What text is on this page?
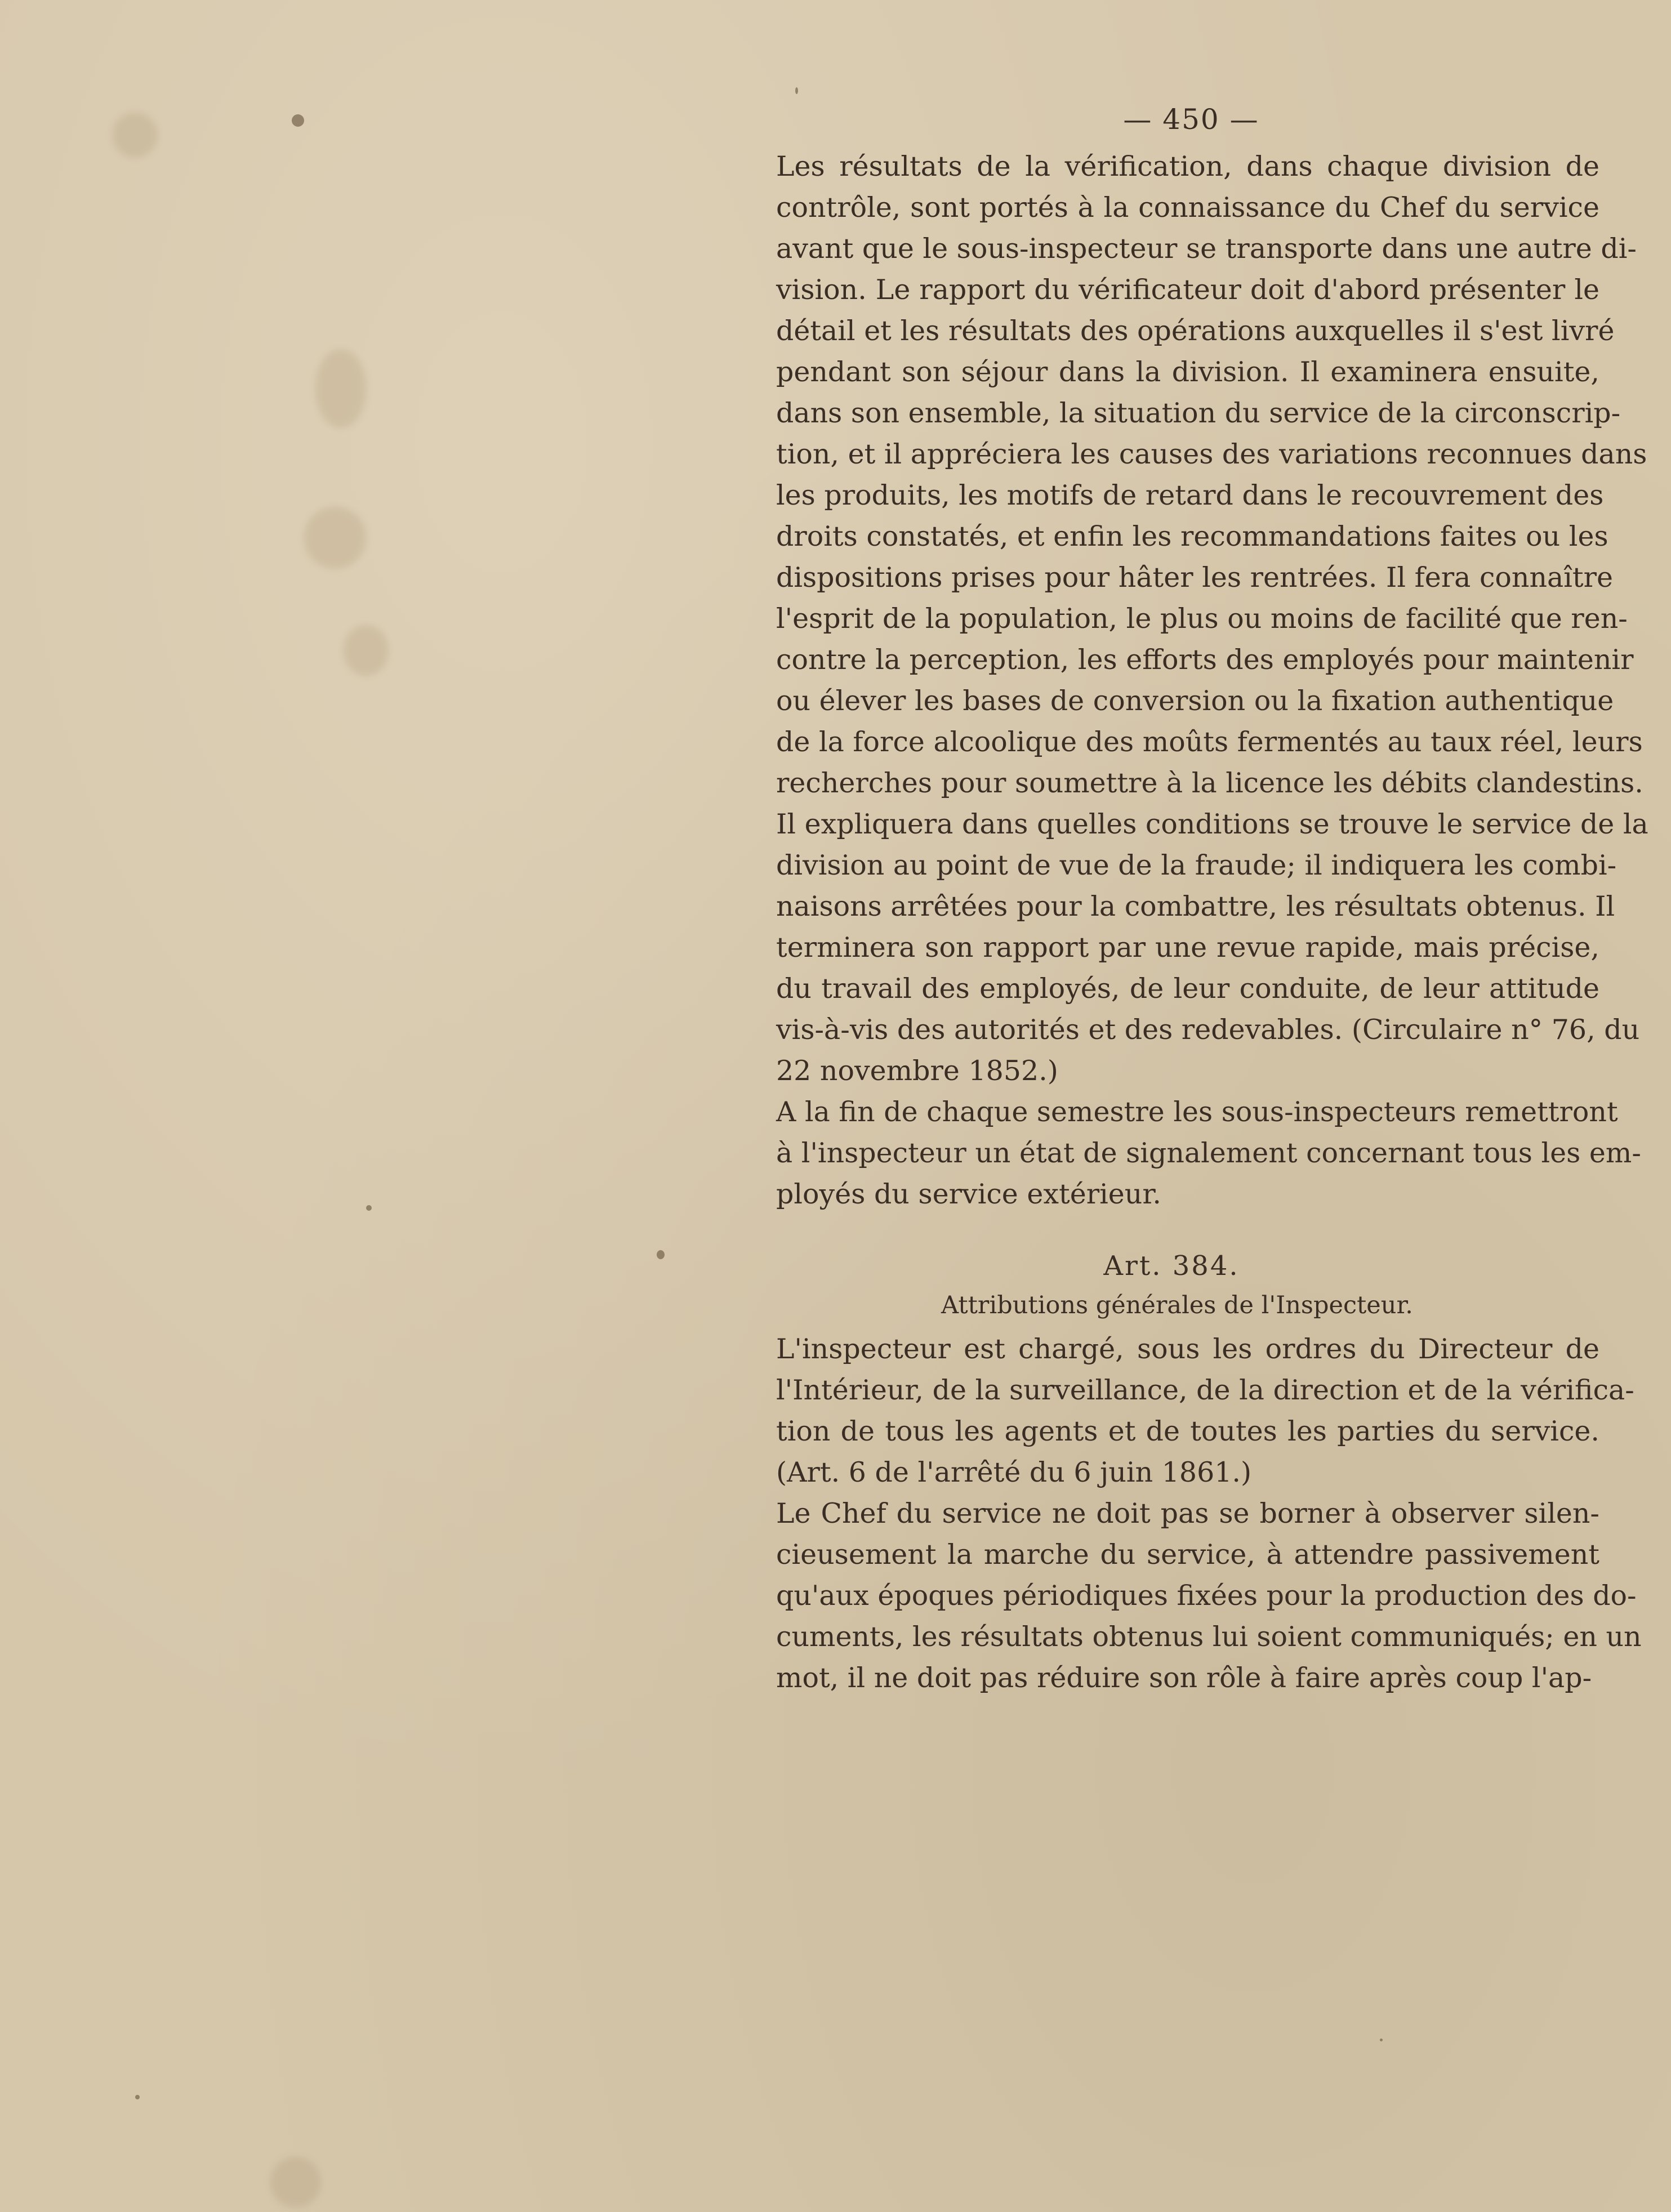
— 450 —
Les résultats de la vérification, dans chaque division de
contrôle, sont portés à la connaissance du Chef du service
avant que le sous-inspecteur se transporte dans une autre di-
vision. Le rapport du vérificateur doit d'abord présenter le
détail et les résultats des opérations auxquelles il s'est livré
pendant son séjour dans la division. Il examinera ensuite,
dans son ensemble, la situation du service de la circonscrip-
tion, et il appréciera les causes des variations reconnues dans
les produits, les motifs de retard dans le recouvrement des
droits constatés, et enfin les recommandations faites ou les
dispositions prises pour hâter les rentrées. Il fera connaître
l'esprit de la population, le plus ou moins de facilité que ren-
contre la perception, les efforts des employés pour maintenir
ou élever les bases de conversion ou la fixation authentique
de la force alcoolique des moûts fermentés au taux réel, leurs
recherches pour soumettre à la licence les débits clandestins.
Il expliquera dans quelles conditions se trouve le service de la
division au point de vue de la fraude; il indiquera les combi-
naisons arrêtées pour la combattre, les résultats obtenus. Il
terminera son rapport par une revue rapide, mais précise,
du travail des employés, de leur conduite, de leur attitude
vis-à-vis des autorités et des redevables. (Circulaire n° 76, du
22 novembre 1852.)
A la fin de chaque semestre les sous-inspecteurs remettront
à l'inspecteur un état de signalement concernant tous les em-
ployés du service extérieur.
Art. 384.
Attributions générales de l'Inspecteur.
L'inspecteur est chargé, sous les ordres du Directeur de
l'Intérieur, de la surveillance, de la direction et de la vérifica-
tion de tous les agents et de toutes les parties du service.
(Art. 6 de l'arrêté du 6 juin 1861.)
Le Chef du service ne doit pas se borner à observer silen-
cieusement la marche du service, à attendre passivement
qu'aux époques périodiques fixées pour la production des do-
cuments, les résultats obtenus lui soient communiqués; en un
mot, il ne doit pas réduire son rôle à faire après coup l'ap-
